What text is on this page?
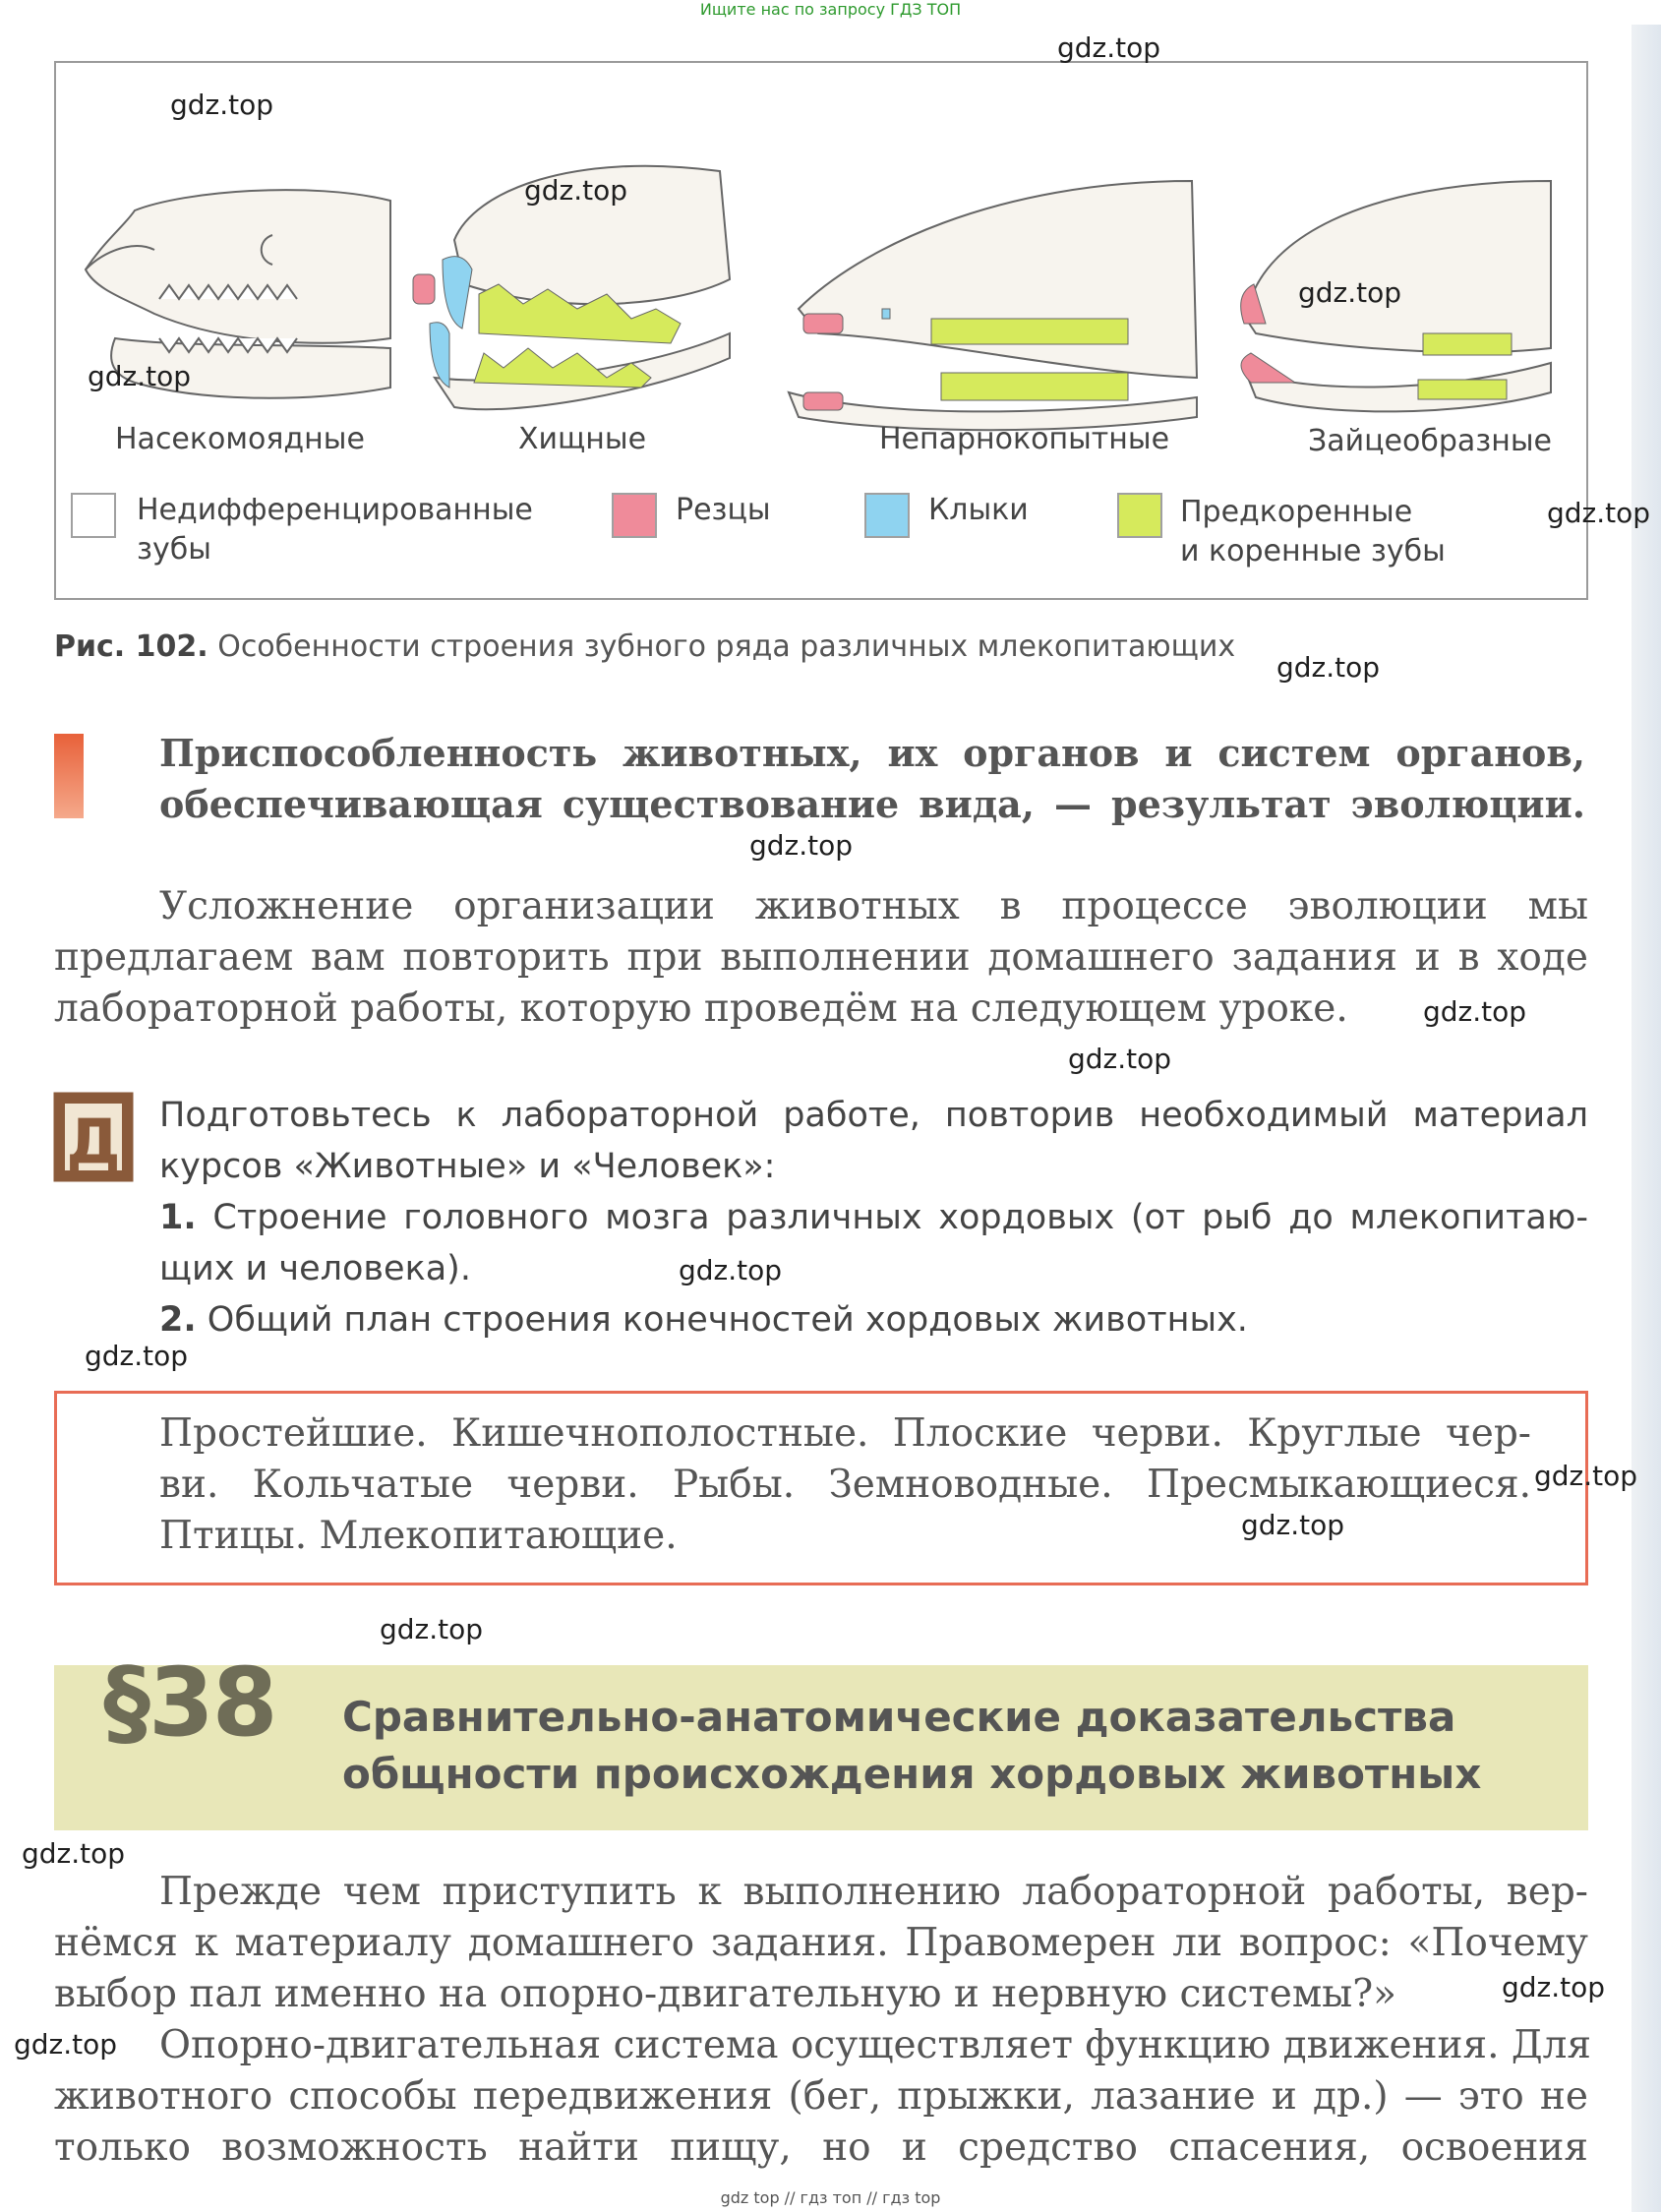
Ищите нас по запросу ГДЗ ТОП
Насекомоядные	Хищные	Непарнокопытные	Зайцеобразные
Недифференцированные
зубы
Резцы	Клыки	Предкоренные
и коренные зубы
Рис. 102. Особенности строения зубного ряда различных млекопитающих
Приспособленность животных, их органов и систем органов,
обеспечивающая существование вида, — результат эволюции.
Усложнение организации животных в процессе эволюции мы
предлагаем вам повторить при выполнении домашнего задания и в ходе
лабораторной работы, которую проведём на следующем уроке.
Д Подготовьтесь к лабораторной работе, повторив необходимый материал
курсов «Животные» и «Человек»:
1. Строение головного мозга различных хордовых (от рыб до млекопитаю-
щих и человека).
2. Общий план строения конечностей хордовых животных.
Простейшие. Кишечнополостные. Плоские черви. Круглые чер-
ви. Кольчатые черви. Рыбы. Земноводные. Пресмыкающиеся.
Птицы. Млекопитающие.
§38 Сравнительно-анатомические доказательства
общности происхождения хордовых животных
Прежде чем приступить к выполнению лабораторной работы, вер-
нёмся к материалу домашнего задания. Правомерен ли вопрос: «Почему
выбор пал именно на опорно-двигательную и нервную системы?»
Опорно-двигательная система осуществляет функцию движения. Для
животного способы передвижения (бег, прыжки, лазание и др.) — это не
только возможность найти пищу, но и средство спасения, освоения
gdz.top
gdz.top
gdz.top
gdz.top
gdz.top
gdz.top
gdz.top
gdz.top
gdz.top
gdz.top
gdz.top
gdz.top
gdz.top
gdz.top
gdz.top
gdz.top
gdz.top
gdz.top
gdz top // гдз топ // гдз top
